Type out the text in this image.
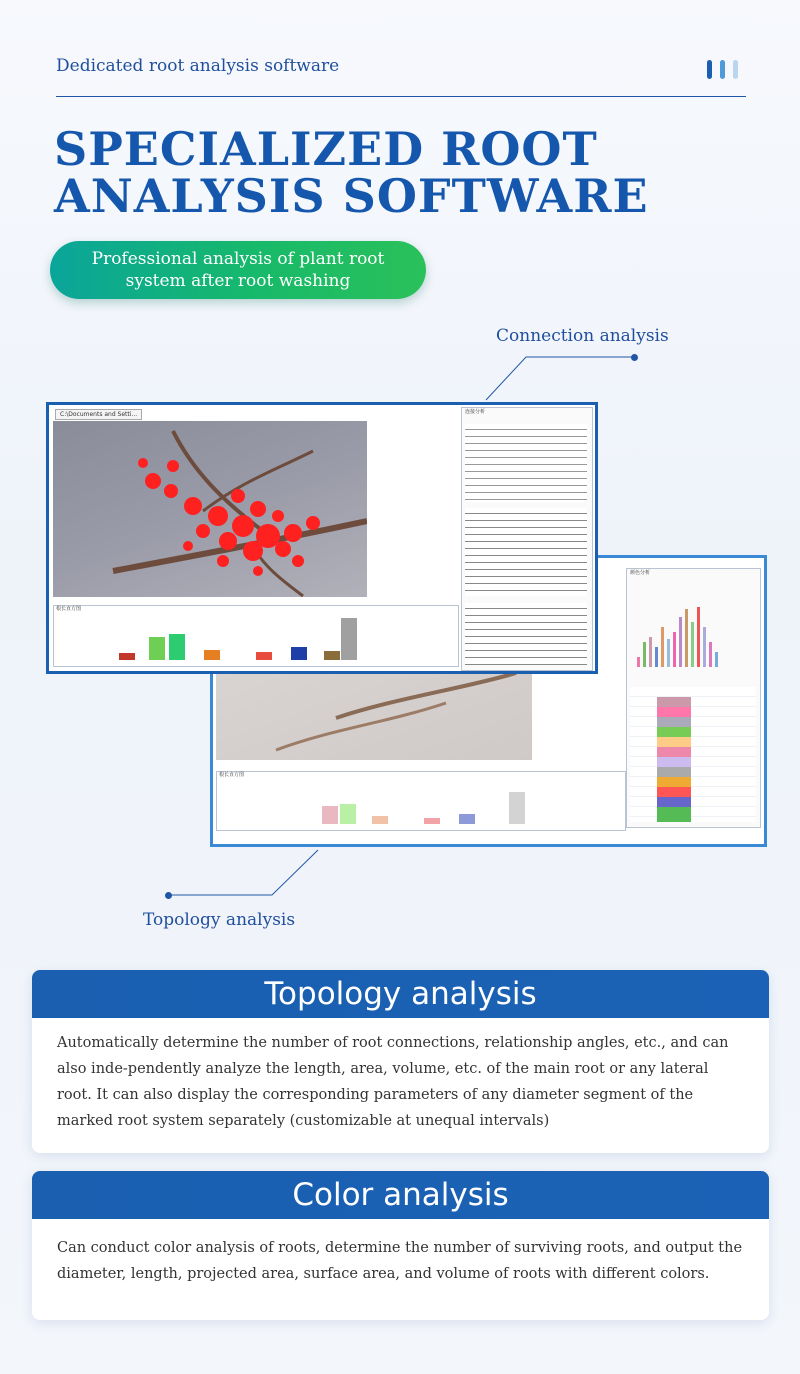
Dedicated root analysis software
SPECIALIZED ROOT
ANALYSIS SOFTWARE
Professional analysis of plant root
system after root washing
Connection analysis
Topology analysis
颜色分析
根长直方图
C:\Documents and Setti...	连接分析
根长直方图
Topology analysis
Automatically determine the number of root connections, relationship angles, etc., and can also inde-pendently analyze the length, area, volume, etc. of the main root or any lateral root. It can also display the corresponding parameters of any diameter segment of the marked root system separately (customizable at unequal intervals)
Color analysis
Can conduct color analysis of roots, determine the number of surviving roots, and output the diameter, length, projected area, surface area, and volume of roots with different colors.
